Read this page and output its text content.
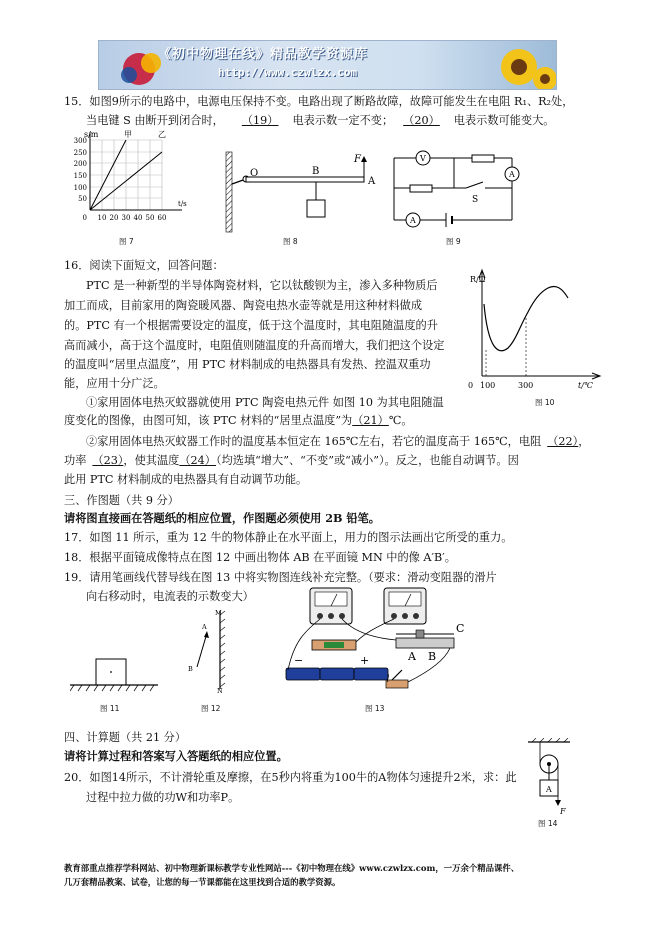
《初中物理在线》精品教学资源库
http://www.czwlzx.com
15．如图9所示的电路中，电源电压保持不变。电路出现了断路故障，故障可能发生在电阻 R₁、R₂处，
当电键 S 由断开到闭合时， （19） 电表示数一定不变； （20） 电表示数可能变大。
s/m	甲	乙
300
250
200
150
100
50
0 10 20 30 40 50 60
t/s
图 7
O	B
A
F
图 8
V
A
A
S
图 9
16．阅读下面短文，回答问题：
PTC 是一种新型的半导体陶瓷材料，它以钛酸钡为主，渗入多种物质后
加工而成，目前家用的陶瓷暖风器、陶瓷电热水壶等就是用这种材料做成
的。PTC 有一个根据需要设定的温度，低于这个温度时，其电阻随温度的升
高而减小，高于这个温度时，电阻值则随温度的升高而增大，我们把这个设定
的温度叫“居里点温度”，用 PTC 材料制成的电热器具有发热、控温双重功
能，应用十分广泛。
①家用固体电热灭蚊器就使用 PTC 陶瓷电热元件 如图 10 为其电阻随温
度变化的图像，由图可知，该 PTC 材料的“居里点温度”为（21）℃。
②家用固体电热灭蚊器工作时的温度基本恒定在 165℃左右，若它的温度高于 165℃，电阻 （22），
功率 （23），使其温度（24）（均选填“增大”、“不变”或“减小”）。反之，也能自动调节。因
此用 PTC 材料制成的电热器具有自动调节功能。
R/Ω
0 100	300	t/℃
图 10
三、作图题（共 9 分）
请将图直接画在答题纸的相应位置，作图题必须使用 2B 铅笔。
17．如图 11 所示，重为 12 牛的物体静止在水平面上，用力的图示法画出它所受的重力。
18．根据平面镜成像特点在图 12 中画出物体 AB 在平面镜 MN 中的像 A′B′。
19．请用笔画线代替导线在图 13 中将实物图连线补充完整。（要求：滑动变阻器的滑片
向右移动时，电流表的示数变大）
图 11
M
N
A
B
图 12
−	+	A B
C
图 13
四、计算题（共 21 分）
请将计算过程和答案写入答题纸的相应位置。
20．如图14所示，不计滑轮重及摩擦，在5秒内将重为100牛的A物体匀速提升2米，求：此
过程中拉力做的功W和功率P。
A
F
图 14
教育部重点推荐学科网站、初中物理新课标教学专业性网站---《初中物理在线》www.czwlzx.com，一万余个精品课件、
几万套精品教案、试卷，让您的每一节课都能在这里找到合适的教学资源。
